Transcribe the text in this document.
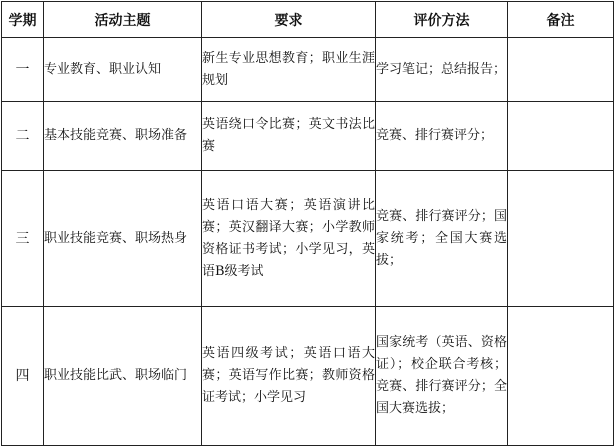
学期	活动主题	要求	评价方法	备注
一	专业教育、职业认知	新生专业思想教育；职业生涯规划	学习笔记；总结报告；	
二	基本技能竞赛、职场准备	英语绕口令比赛；英文书法比赛	竞赛、排行赛评分；	
三	职业技能竞赛、职场热身	英语口语大赛；英语演讲比赛；英汉翻译大赛；小学教师资格证书考试；小学见习，英语B级考试	竞赛、排行赛评分；国家统考；全国大赛选拔；	
四	职业技能比武、职场临门	英语四级考试；英语口语大赛；英语写作比赛；教师资格证考试；小学见习	国家统考（英语、资格证）；校企联合考核；竞赛、排行赛评分；全国大赛选拔；	
